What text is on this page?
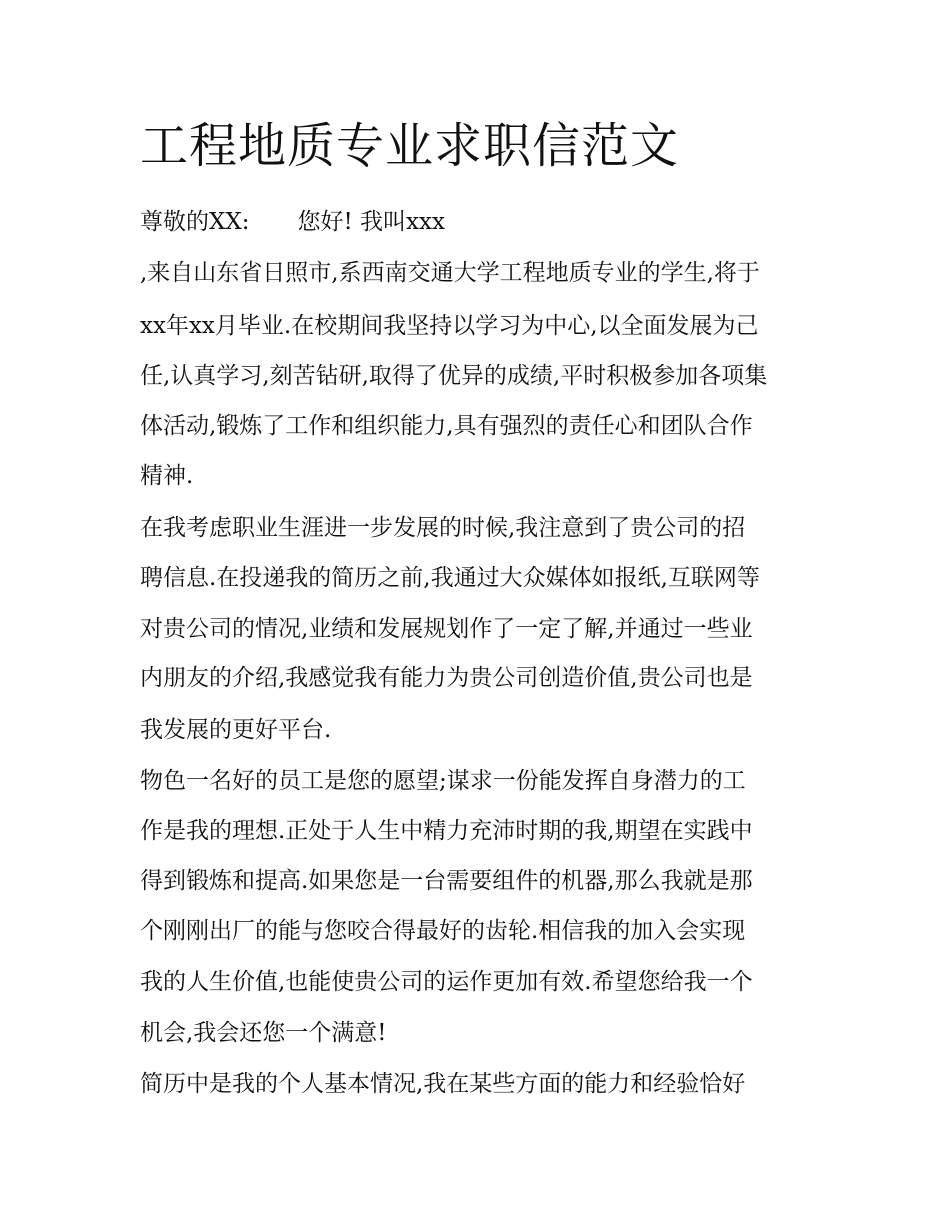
工程地质专业求职信范文

尊敬的XX: 您好! 我叫xxx

,来自山东省日照市,系西南交通大学工程地质专业的学生,将于

xx年xx月毕业.在校期间我坚持以学习为中心,以全面发展为己

任,认真学习,刻苦钻研,取得了优异的成绩,平时积极参加各项集

体活动,锻炼了工作和组织能力,具有强烈的责任心和团队合作

精神.

在我考虑职业生涯进一步发展的时候,我注意到了贵公司的招

聘信息.在投递我的简历之前,我通过大众媒体如报纸,互联网等

对贵公司的情况,业绩和发展规划作了一定了解,并通过一些业

内朋友的介绍,我感觉我有能力为贵公司创造价值,贵公司也是

我发展的更好平台.

物色一名好的员工是您的愿望;谋求一份能发挥自身潜力的工

作是我的理想.正处于人生中精力充沛时期的我,期望在实践中

得到锻炼和提高.如果您是一台需要组件的机器,那么我就是那

个刚刚出厂的能与您咬合得最好的齿轮.相信我的加入会实现

我的人生价值,也能使贵公司的运作更加有效.希望您给我一个

机会,我会还您一个满意!

简历中是我的个人基本情况,我在某些方面的能力和经验恰好
